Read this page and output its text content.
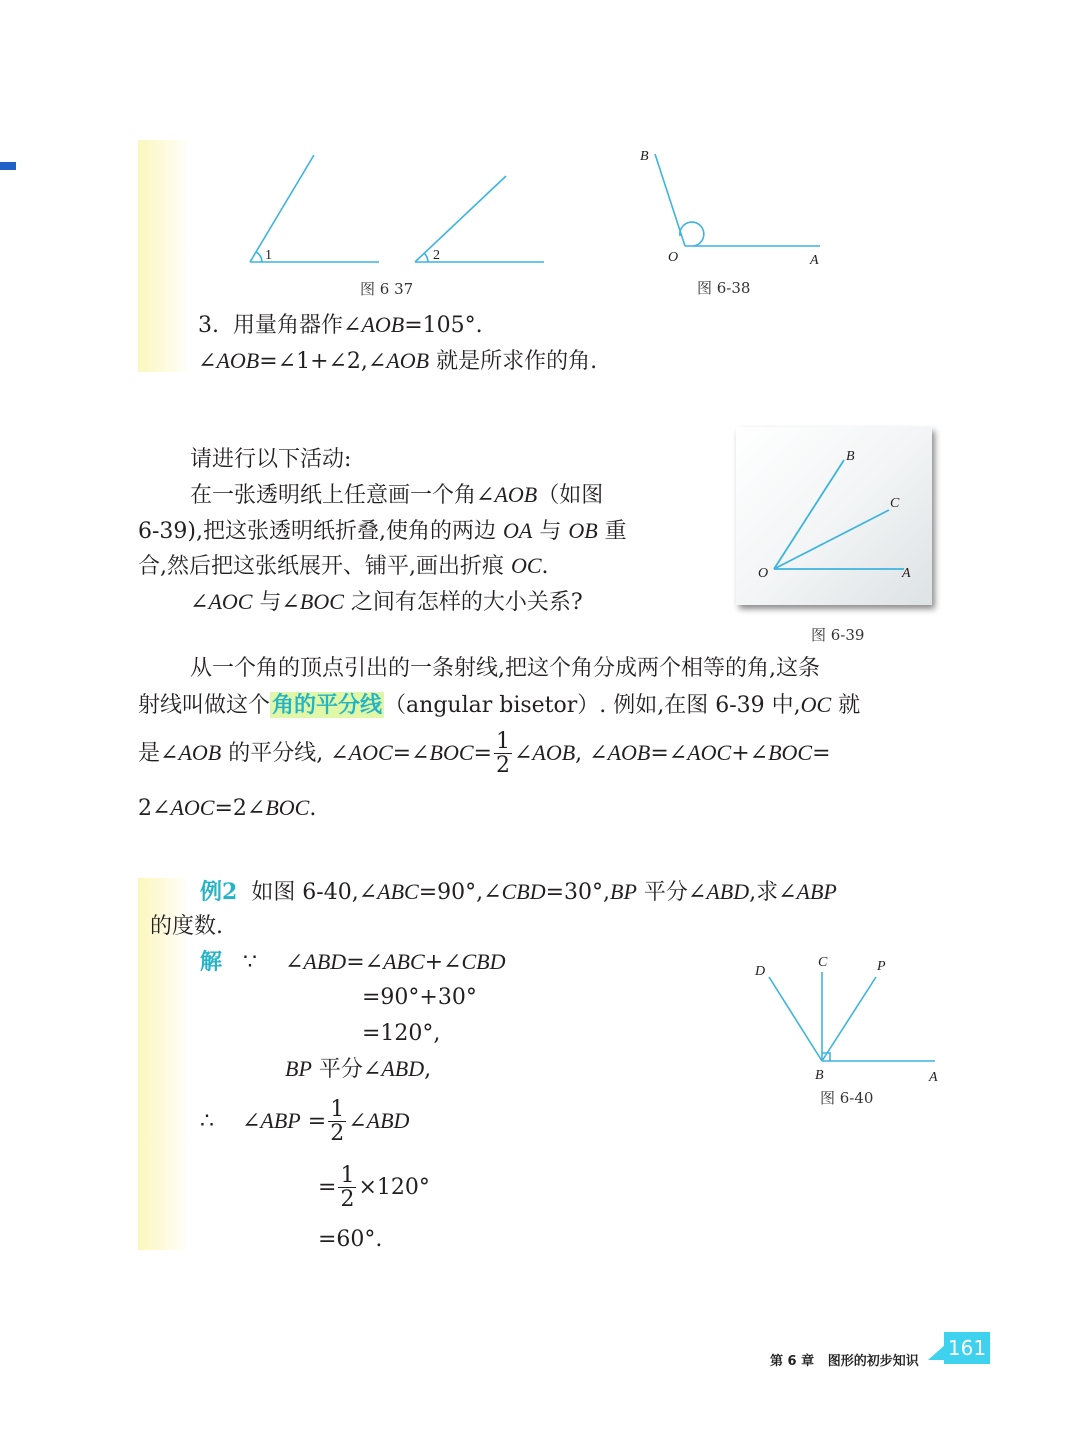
1	2
图 6 37
B
O	A
图 6-38
3. 用量角器作∠AOB=105°.
∠AOB=∠1+∠2,∠AOB 就是所求作的角.
请进行以下活动:
在一张透明纸上任意画一个角∠AOB（如图
6-39),把这张透明纸折叠,使角的两边 OA 与 OB 重
合,然后把这张纸展开、铺平,画出折痕 OC.
∠AOC 与∠BOC 之间有怎样的大小关系?
B
C
O	A
图 6-39
从一个角的顶点引出的一条射线,把这个角分成两个相等的角,这条
射线叫做这个角的平分线（angular bisetor）. 例如,在图 6-39 中,OC 就
是∠AOB 的平分线, ∠AOC=∠BOC= $\frac{1}{2}$ ∠AOB, ∠AOB=∠AOC+∠BOC=
2∠AOC=2∠BOC.
例2 如图 6-40,∠ABC=90°,∠CBD=30°,BP 平分∠ABD,求∠ABP
的度数.
解 ∵ ∠ABD=∠ABC+∠CBD
=90°+30°
=120°,
BP 平分∠ABD,
∴ ∠ABP = $\frac{1}{2}$ ∠ABD
= $\frac{1}{2} \times 120^\circ$
=60°.
D
C	P
B	A
图 6-40
第 6 章 图形的初步知识
161
